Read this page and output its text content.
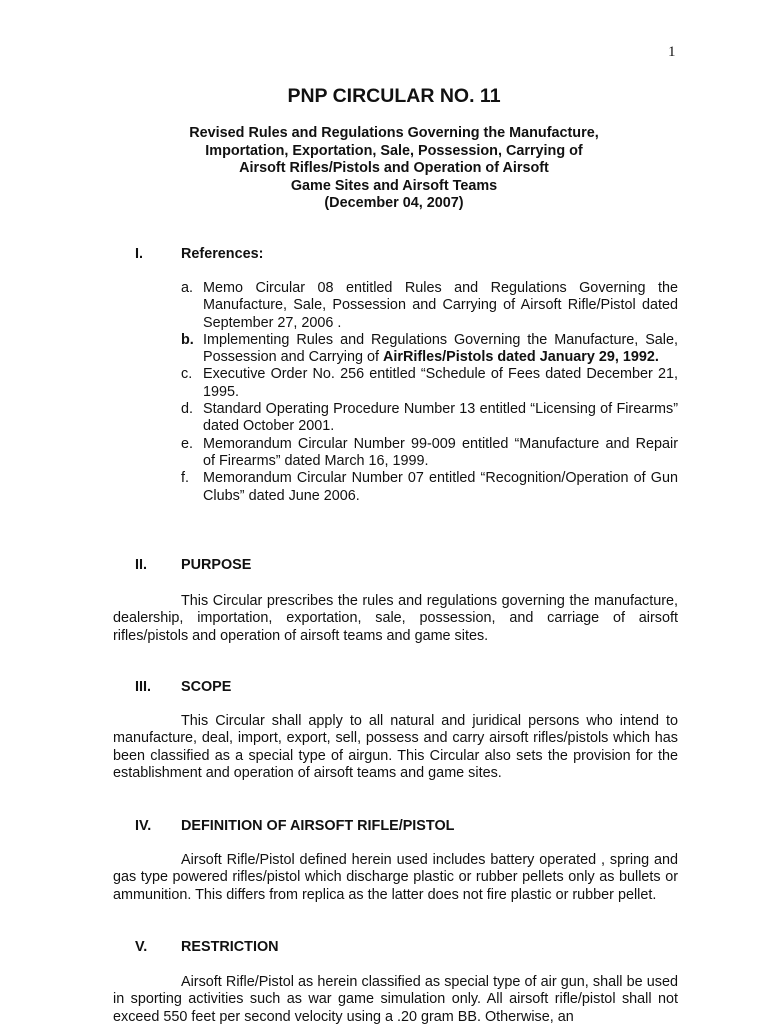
1
PNP CIRCULAR NO. 11
Revised Rules and Regulations Governing the Manufacture,
Importation, Exportation, Sale, Possession, Carrying of
Airsoft Rifles/Pistols and Operation of Airsoft
Game Sites and Airsoft Teams
(December 04, 2007)
I.	References:
a. Memo Circular 08 entitled Rules and Regulations Governing the Manufacture, Sale, Possession and Carrying of Airsoft Rifle/Pistol dated September 27, 2006 .
b. Implementing Rules and Regulations Governing the Manufacture, Sale, Possession and Carrying of AirRifles/Pistols dated January 29, 1992.
c. Executive Order No. 256 entitled “Schedule of Fees dated December 21, 1995.
d. Standard Operating Procedure Number 13 entitled “Licensing of Firearms” dated October 2001.
e. Memorandum Circular Number 99-009 entitled “Manufacture and Repair of Firearms” dated March 16, 1999.
f. Memorandum Circular Number 07 entitled “Recognition/Operation of Gun Clubs” dated June 2006.
II. PURPOSE

This Circular prescribes the rules and regulations governing the manufacture, dealership, importation, exportation, sale, possession, and carriage of airsoft rifles/pistols and operation of airsoft teams and game sites.

III. SCOPE

This Circular shall apply to all natural and juridical persons who intend to manufacture, deal, import, export, sell, possess and carry airsoft rifles/pistols which has been classified as a special type of airgun. This Circular also sets the provision for the establishment and operation of airsoft teams and game sites.

IV. DEFINITION OF AIRSOFT RIFLE/PISTOL

Airsoft Rifle/Pistol defined herein used includes battery operated , spring and gas type powered rifles/pistol which discharge plastic or rubber pellets only as bullets or ammunition. This differs from replica as the latter does not fire plastic or rubber pellet.

V. RESTRICTION

Airsoft Rifle/Pistol as herein classified as special type of air gun, shall be used in sporting activities such as war game simulation only. All airsoft rifle/pistol shall not exceed 550 feet per second velocity using a .20 gram BB. Otherwise, an
